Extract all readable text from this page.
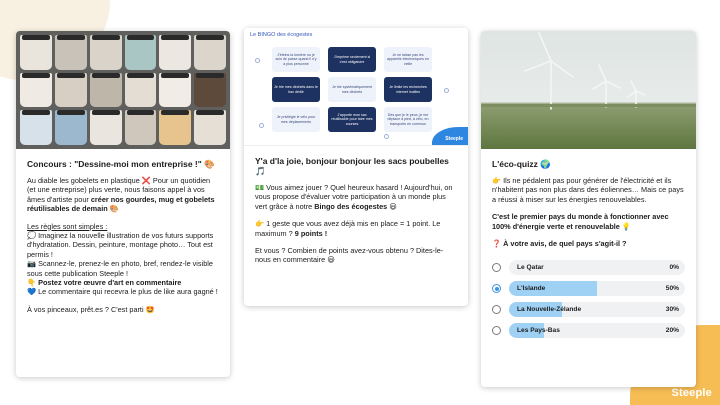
Steeple
Concours : "Dessine-moi mon entreprise !" 🎨

Au diable les gobelets en plastique ❌ Pour un quotidien (et une entreprise) plus verte, nous faisons appel à vos âmes d'artiste pour créer nos gourdes, mug et gobelets réutilisables de demain 🎨

Les règles sont simples :
💭 Imaginez la nouvelle illustration de vos futurs supports d'hydratation. Dessin, peinture, montage photo… Tout est permis !
📷 Scannez-le, prenez-le en photo, bref, rendez-le visible sous cette publication Steeple !
👇 Postez votre œuvre d'art en commentaire

💙 Le commentaire qui recevra le plus de like aura gagné !

À vos pinceaux, prêt.es ? C'est parti 🤩

Le BINGO des écogestes
J'éteins la lumière ou je suis de passe quand il n'y a plus personne
J'imprime seulement si c'est obligatoire
Je ne laisse pas les appareils électroniques en veille
Je trie mes déchets dans le bac dédié
Je trie systématiquement mes déchets
Je limite les recherches internet inutiles
Je privilégie le vélo pour mes déplacements
J'apporte mon sac réutilisable pour faire mes courses
Dès que je le peux, je me déplace à pied, à vélo, en transports en commun
Steeple
Y'a d'la joie, bonjour bonjour les sacs poubelles 🎵

💵 Vous aimez jouer ? Quel heureux hasard ! Aujourd'hui, on vous propose d'évaluer votre participation à un monde plus vert grâce à notre Bingo des écogestes 😃

👉 1 geste que vous avez déjà mis en place = 1 point. Le maximum ? 9 points !

Et vous ? Combien de points avez-vous obtenu ? Dites-le-nous en commentaire 😃

L'éco-quizz 🌍

👉 Ils ne pédalent pas pour générer de l'électricité et ils n'habitent pas non plus dans des éoliennes… Mais ce pays a réussi à miser sur les énergies renouvelables.

C'est le premier pays du monde à fonctionner avec 100% d'énergie verte et renouvelable 💡

❓ À votre avis, de quel pays s'agit-il ?

Le Qatar	0%
L'Islande	50%
La Nouvelle-Zélande	30%
Les Pays-Bas	20%
